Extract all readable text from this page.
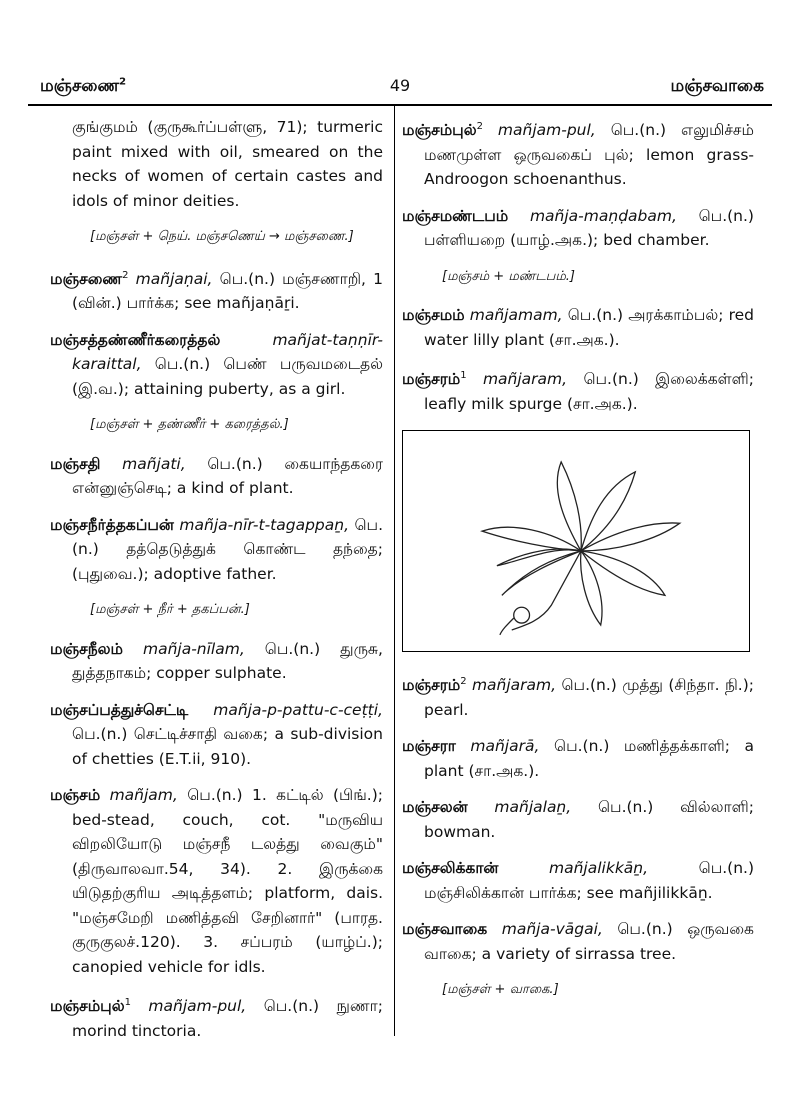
மஞ்சணை$^2$	49	மஞ்சவாகை
குங்குமம் (குருகூர்ப்பள்ளு, 71); turmeric paint mixed with oil, smeared on the necks of women of certain castes and idols of minor deities.
[மஞ்சள் + நெய். மஞ்சணெய் → மஞ்சணை.]
மஞ்சணை$^2$ mañjaṇai, பெ.(n.) மஞ்சணாறி, 1 (வின்.) பார்க்க; see mañjaṇāṟi.
மஞ்சத்தண்ணீர்கரைத்தல்	mañjat-taṇṇīr-karaittal, பெ.(n.) பெண் பருவமடைதல் (இ.வ.); attaining puberty, as a girl.
[மஞ்சள் + தண்ணீர் + கரைத்தல்.]
மஞ்சதி mañjati, பெ.(n.) கையாந்தகரை என்னுஞ்செடி; a kind of plant.
மஞ்சநீர்த்தகப்பன் mañja-nīr-t-tagappaṉ, பெ.(n.) தத்தெடுத்துக் கொண்ட தந்தை; (புதுவை.); adoptive father.
[மஞ்சள் + நீர் + தகப்பன்.]
மஞ்சநீலம் mañja-nīlam, பெ.(n.) துருசு, துத்தநாகம்; copper sulphate.
மஞ்சப்பத்துச்செட்டி mañja-p-pattu-c-ceṭṭi, பெ.(n.) செட்டிச்சாதி வகை; a sub-division of chetties (E.T.ii, 910).
மஞ்சம் mañjam, பெ.(n.) 1. கட்டில் (பிங்.); bed-stead, couch, cot. "மருவிய விறலியோடு மஞ்சநீ டலத்து வைகும்" (திருவாலவா.54, 34). 2. இருக்கை யிடுதற்குரிய அடித்தளம்; platform, dais. "மஞ்சமேறி மணித்தவி சேறினார்" (பாரத. குருகுலச்.120). 3. சப்பரம் (யாழ்ப்.); canopied vehicle for idls.
மஞ்சம்புல்$^1$ mañjam-pul, பெ.(n.) நுணா; morind tinctoria.
மஞ்சம்புல்$^2$ mañjam-pul, பெ.(n.) எலுமிச்சம் மணமுள்ள ஒருவகைப் புல்; lemon grass- Androogon schoenanthus.
மஞ்சமண்டபம் mañja-maṇḍabam, பெ.(n.) பள்ளியறை (யாழ்.அக.); bed chamber.
[மஞ்சம் + மண்டபம்.]
மஞ்சமம் mañjamam, பெ.(n.) அரக்காம்பல்; red water lilly plant (சா.அக.).
மஞ்சரம்$^1$ mañjaram, பெ.(n.) இலைக்கள்ளி; leafly milk spurge (சா.அக.).
மஞ்சரம்$^2$ mañjaram, பெ.(n.) முத்து (சிந்தா. நி.); pearl.
மஞ்சரா mañjarā, பெ.(n.) மணித்தக்காளி; a plant (சா.அக.).
மஞ்சலன் mañjalaṉ, பெ.(n.) வில்லாளி; bowman.
மஞ்சலிக்கான்	mañjalikkāṉ,	பெ.(n.) மஞ்சிலிக்கான் பார்க்க; see mañjilikkāṉ.
மஞ்சவாகை mañja-vāgai, பெ.(n.) ஒருவகை வாகை; a variety of sirrassa tree.
[மஞ்சள் + வாகை.]
